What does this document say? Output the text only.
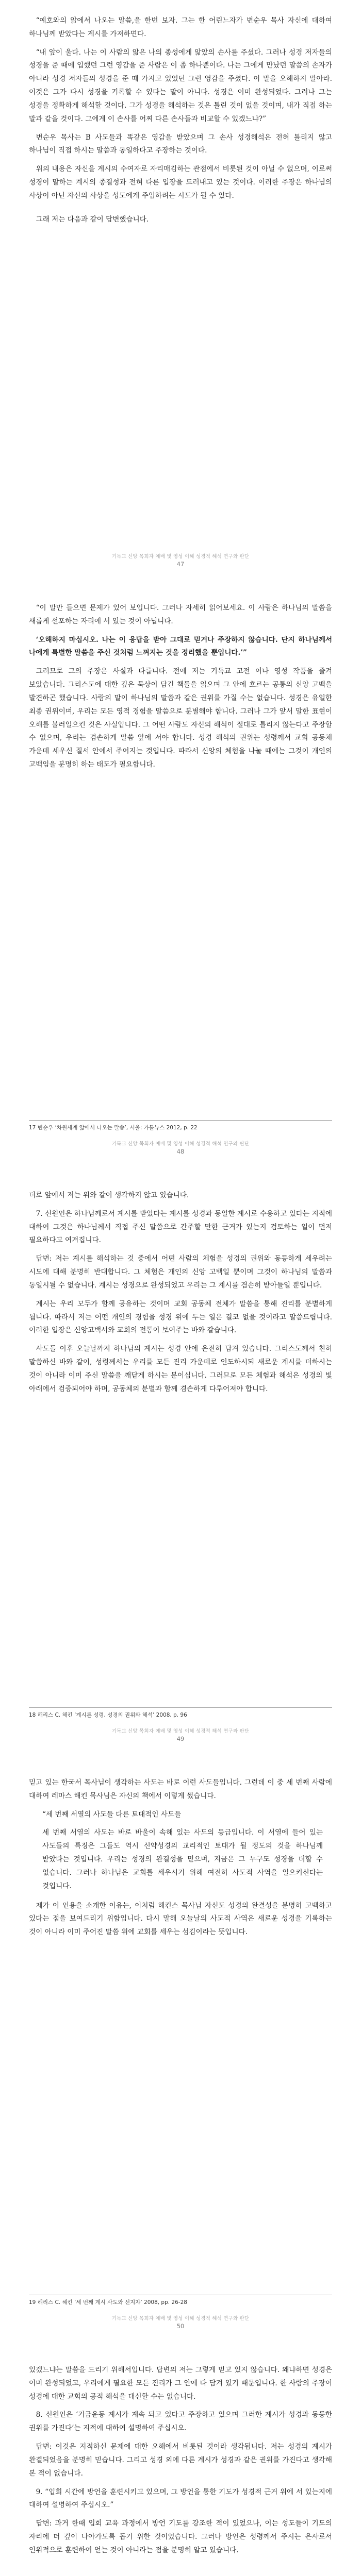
“예호와의 앎에서 나오는 말씀,을 한번 보자. 그는 한 어린느자가 변순우 목사 자신에 대하여 하나님께 받았다는 계시를 가져하면다.

“내 앞이 울다. 나는 이 사람의 앎은 나의 종성에게 앎았의 손사를 주셨다. 그러나 성경 저자들의 성경을 준 때에 입했던 그런 영감을 준 사람은 이 좀 하나뿐이다. 나는 그에게 만났던 말씀의 손자가 아니라 성경 저자들의 성경을 준 때 가지고 있었던 그런 영감을 주셨다. 이 말을 오해하지 말아라. 이것은 그가 다시 성경을 기록할 수 있다는 말이 아니다. 성경은 이미 완성되었다. 그러나 그는 성경을 정확하게 해석할 것이다. 그가 성경을 해석하는 것은 틀린 것이 없을 것이며, 내가 직접 하는 말과 같을 것이다. 그에게 이 손사를 어찌 다른 손사들과 비교할 수 있겠느냐?”

변순우 목사는 B 사도들과 똑같은 영감을 받았으며 그 손사 성경해석은 전혀 틀리지 않고 하나님이 직접 하시는 말씀과 동일하다고 주장하는 것이다.

위의 내용은 자신을 계시의 수여자로 자리매김하는 관점에서 비롯된 것이 아닐 수 없으며, 이로써 성경이 말하는 계시의 종결성과 전혀 다른 입장을 드러내고 있는 것이다. 이러한 주장은 하나님의 사상이 아닌 자신의 사상을 성도에게 주입하려는 시도가 될 수 있다.

그래 저는 다음과 같이 답변했습니다.

기독교 신앙 목회자 예배 및 영성 이해 성경적 해석 연구와 판단
47

“이 말만 들으면 문제가 있어 보입니다. 그러나 자세히 읽어보세요. 이 사람은 하나님의 말씀을 새롭게 선포하는 자리에 서 있는 것이 아닙니다.

‘오해하지 마십시오. 나는 이 응답을 받아 그대로 믿거나 주장하지 않습니다. 단지 하나님께서 나에게 특별한 말씀을 주신 것처럼 느껴지는 것을 정리했을 뿐입니다.’”

그러므로 그의 주장은 사실과 다릅니다. 전에 저는 기독교 고전 이나 영성 작품을 즐겨 보았습니다. 그리스도에 대한 깊은 묵상이 담긴 책들을 읽으며 그 안에 흐르는 공통의 신앙 고백을 발견하곤 했습니다. 사람의 말이 하나님의 말씀과 같은 권위를 가질 수는 없습니다. 성경은 유일한 최종 권위이며, 우리는 모든 영적 경험을 말씀으로 분별해야 합니다. 그러나 그가 앞서 말한 표현이 오해를 불러일으킨 것은 사실입니다. 그 어떤 사람도 자신의 해석이 절대로 틀리지 않는다고 주장할 수 없으며, 우리는 겸손하게 말씀 앞에 서야 합니다. 성경 해석의 권위는 성령께서 교회 공동체 가운데 세우신 질서 안에서 주어지는 것입니다. 따라서 신앙의 체험을 나눌 때에는 그것이 개인의 고백임을 분명히 하는 태도가 필요합니다.

17 변순우 ‘차원세계 앎에서 나오는 말씀’, 서울: 가톨뉴스 2012, p. 22

기독교 신앙 목회자 예배 및 영성 이해 성경적 해석 연구와 판단
48

더로 앞에서 저는 위와 같이 생각하지 않고 있습니다.

7. 신원인은 하나님께로서 계시를 받았다는 계시를 성경과 동일한 계시로 수용하고 있다는 지적에 대하여 그것은 하나님께서 직접 주신 말씀으로 간주할 만한 근거가 있는지 검토하는 일이 먼저 필요하다고 여겨집니다.

답변: 저는 계시를 해석하는 것 중에서 어떤 사람의 체험을 성경의 권위와 동등하게 세우려는 시도에 대해 분명히 반대합니다. 그 체험은 개인의 신앙 고백일 뿐이며 그것이 하나님의 말씀과 동일시될 수 없습니다. 계시는 성경으로 완성되었고 우리는 그 계시를 겸손히 받아들일 뿐입니다.

계시는 우리 모두가 함께 공유하는 것이며 교회 공동체 전체가 말씀을 통해 진리를 분별하게 됩니다. 따라서 저는 어떤 개인의 경험을 성경 위에 두는 일은 결코 없을 것이라고 말씀드립니다. 이러한 입장은 신앙고백서와 교회의 전통이 보여주는 바와 같습니다.

사도들 이후 오늘날까지 하나님의 계시는 성경 안에 온전히 담겨 있습니다. 그리스도께서 친히 말씀하신 바와 같이, 성령께서는 우리를 모든 진리 가운데로 인도하시되 새로운 계시를 더하시는 것이 아니라 이미 주신 말씀을 깨닫게 하시는 분이십니다. 그러므로 모든 체험과 해석은 성경의 빛 아래에서 검증되어야 하며, 공동체의 분별과 함께 겸손하게 다루어져야 합니다.

18 해리스 C. 해킨 ‘계시론 성령, 성경의 권위와 해석’ 2008, p. 96

기독교 신앙 목회자 예배 및 영성 이해 성경적 해석 연구와 판단
49

믿고 있는 한국서 목사님이 생각하는 사도는 바로 이런 사도들입니다. 그런데 이 중 세 번째 사람에 대하여 레마스 해킨 목사님은 자신의 책에서 이렇게 썼습니다.

“세 번째 서열의 사도들 다른 토대적인 사도들

세 번째 서열의 사도는 바로 바울이 속해 있는 사도의 등급입니다. 이 서열에 들어 있는 사도들의 특징은 그들도 역시 신약성경의 교리적인 토대가 될 정도의 것을 하나님께 받았다는 것입니다. 우리는 성경의 완결성을 믿으며, 지금은 그 누구도 성경을 더할 수 없습니다. 그러나 하나님은 교회를 세우시기 위해 여전히 사도적 사역을 일으키신다는 것입니다.

제가 이 인용을 소개한 이유는, 이처럼 해킨스 목사님 자신도 성경의 완결성을 분명히 고백하고 있다는 점을 보여드리기 위함입니다. 다시 말해 오늘날의 사도적 사역은 새로운 성경을 기록하는 것이 아니라 이미 주어진 말씀 위에 교회를 세우는 섬김이라는 뜻입니다.

19 해리스 C. 해킨 ‘세 번째 계시 사도와 선지자’ 2008, pp. 26-28

기독교 신앙 목회자 예배 및 영성 이해 성경적 해석 연구와 판단
50

있겠느냐는 말씀을 드리기 위해서입니다. 답변의 저는 그렇게 믿고 있지 않습니다. 왜냐하면 성경은 이미 완성되었고, 우리에게 필요한 모든 진리가 그 안에 다 담겨 있기 때문입니다. 한 사람의 주장이 성경에 대한 교회의 공적 해석을 대신할 수는 없습니다.

8. 신원인은 ‘기금운동 계시가 계속 되고 있다고 주장하고 있으며 그러한 계시가 성경과 동등한 권위를 가진다’는 지적에 대하여 설명하여 주십시오.

답변: 이것은 지적하신 문제에 대한 오해에서 비롯된 것이라 생각됩니다. 저는 성경의 계시가 완결되었음을 분명히 믿습니다. 그리고 성경 외에 다른 계시가 성경과 같은 권위를 가진다고 생각해 본 적이 없습니다.

9. “입회 시간에 방언을 훈련시키고 있으며, 그 방언을 통한 기도가 성경적 근거 위에 서 있는지에 대하여 설명하여 주십시오.”

답변: 과거 한때 입회 교육 과정에서 방언 기도를 강조한 적이 있었으나, 이는 성도들이 기도의 자리에 더 깊이 나아가도록 돕기 위한 것이었습니다. 그러나 방언은 성령께서 주시는 은사로서 인위적으로 훈련하여 얻는 것이 아니라는 점을 분명히 알고 있습니다.
